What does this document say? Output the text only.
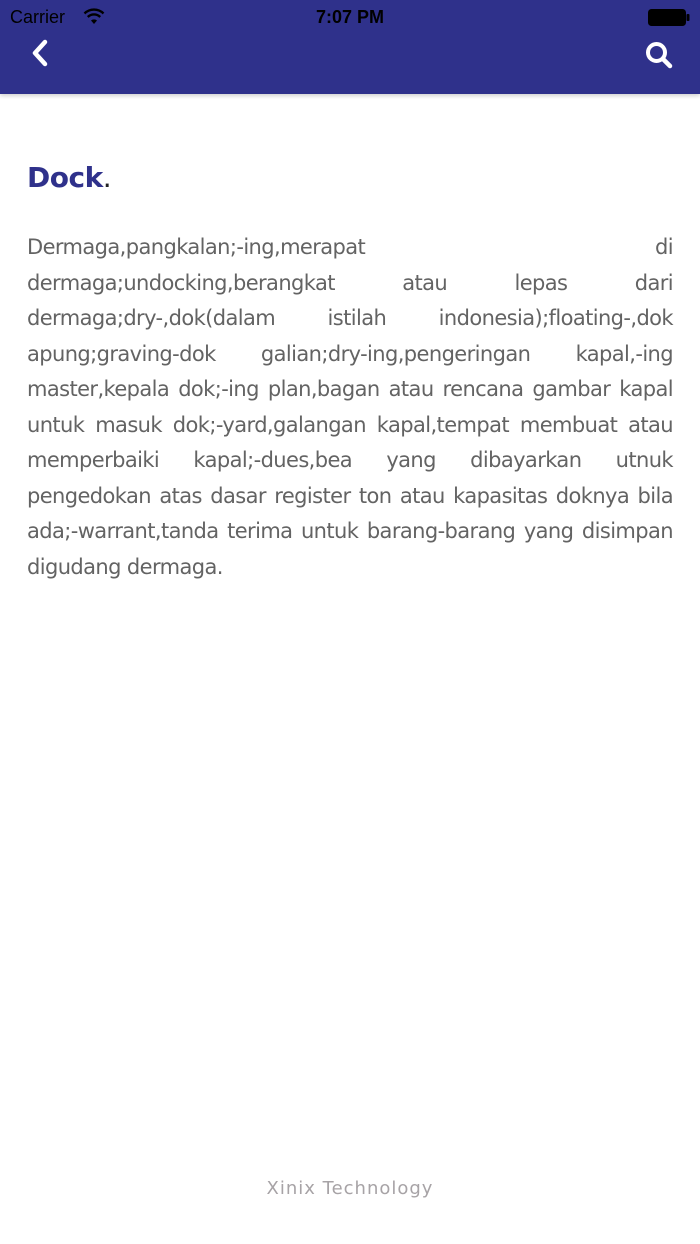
Carrier	7:07 PM
Dock.

Dermaga,pangkalan;-ing,merapat di dermaga;undocking,berangkat atau lepas dari dermaga;dry-,dok(dalam istilah indonesia);floating-,dok apung;graving-dok galian;dry-ing,pengeringan kapal,-ing master,kepala dok;-ing plan,bagan atau rencana gambar kapal untuk masuk dok;-yard,galangan kapal,tempat membuat atau memperbaiki kapal;-dues,bea yang dibayarkan utnuk pengedokan atas dasar register ton atau kapasitas doknya bila ada;-warrant,tanda terima untuk barang-barang yang disimpan digudang dermaga.

Xinix Technology
